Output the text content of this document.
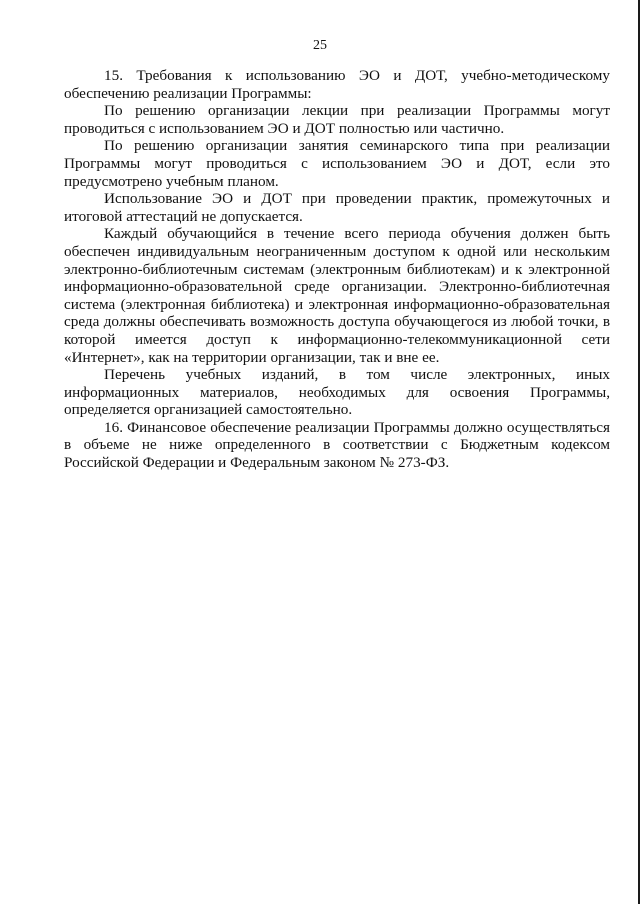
25

15. Требования к использованию ЭО и ДОТ, учебно-методическому обеспечению реализации Программы:

По решению организации лекции при реализации Программы могут проводиться с использованием ЭО и ДОТ полностью или частично.

По решению организации занятия семинарского типа при реализации Программы могут проводиться с использованием ЭО и ДОТ, если это предусмотрено учебным планом.

Использование ЭО и ДОТ при проведении практик, промежуточных и итоговой аттестаций не допускается.

Каждый обучающийся в течение всего периода обучения должен быть обеспечен индивидуальным неограниченным доступом к одной или нескольким электронно-библиотечным системам (электронным библиотекам) и к электронной информационно-образовательной среде организации. Электронно-библиотечная система (электронная библиотека) и электронная информационно-образовательная среда должны обеспечивать возможность доступа обучающегося из любой точки, в которой имеется доступ к информационно-телекоммуникационной сети «Интернет», как на территории организации, так и вне ее.

Перечень учебных изданий, в том числе электронных, иных информационных материалов, необходимых для освоения Программы, определяется организацией самостоятельно.

16. Финансовое обеспечение реализации Программы должно осуществляться в объеме не ниже определенного в соответствии с Бюджетным кодексом Российской Федерации и Федеральным законом № 273-ФЗ.
